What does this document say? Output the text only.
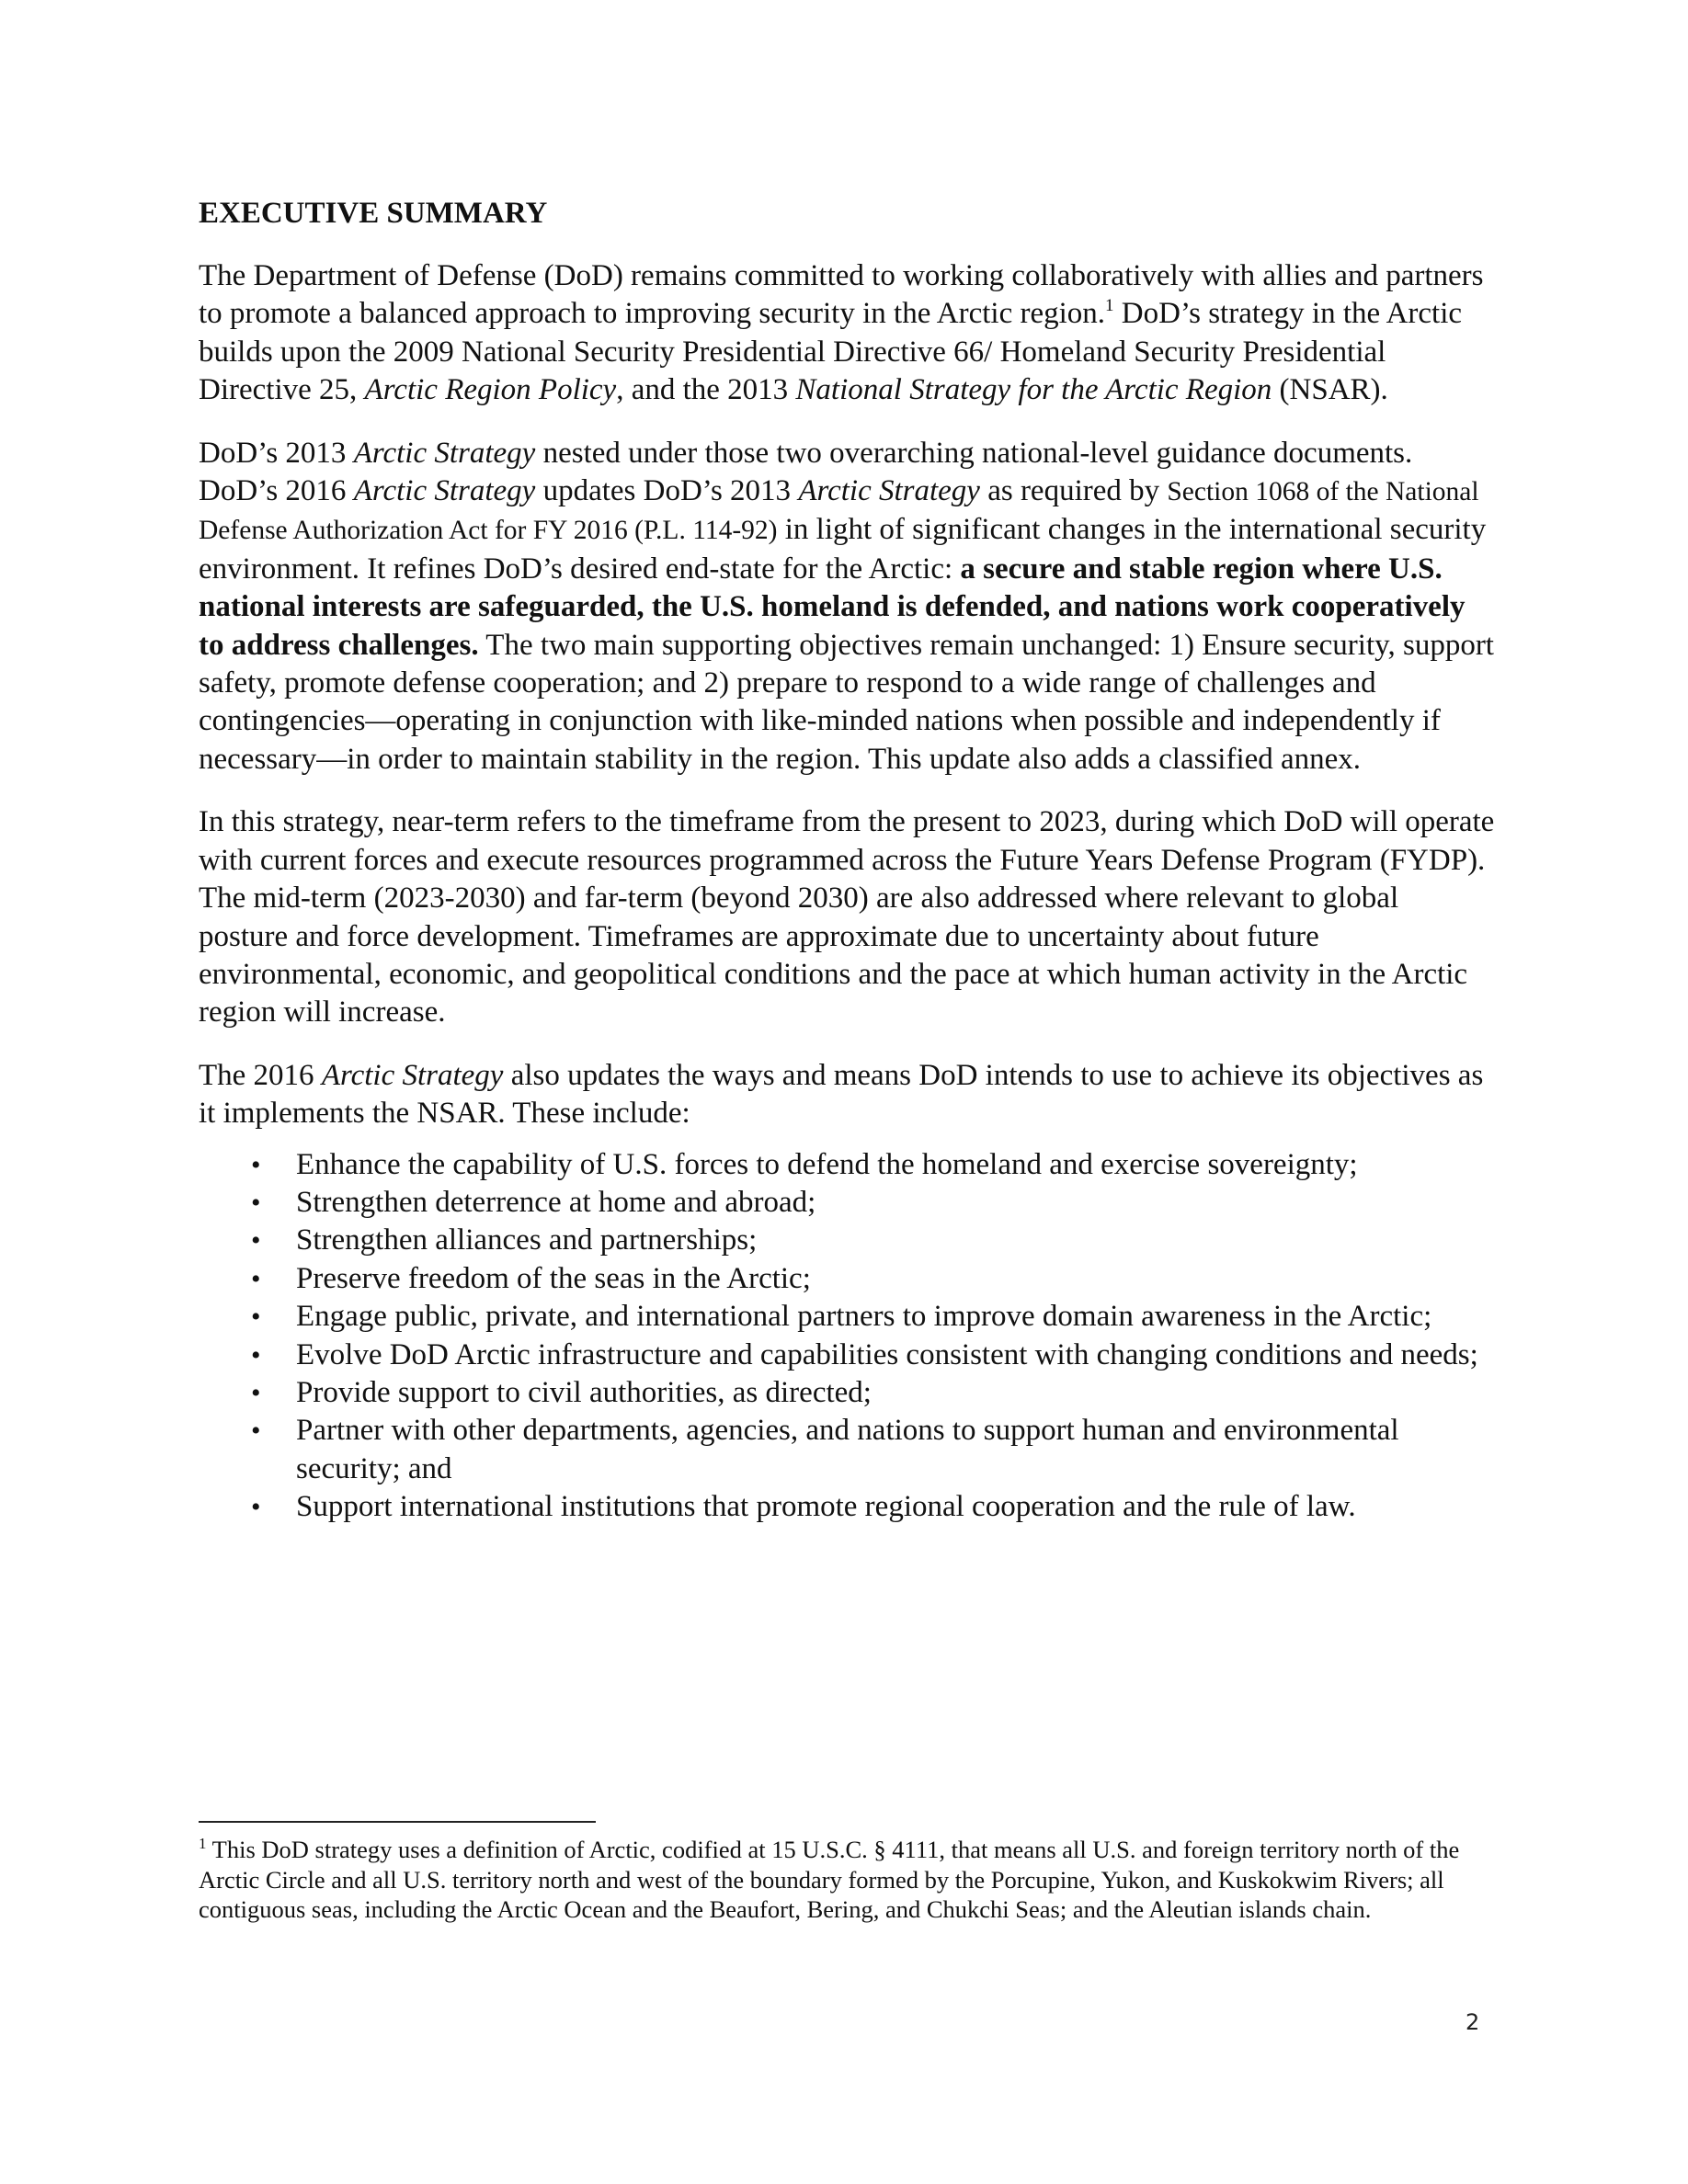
EXECUTIVE SUMMARY

The Department of Defense (DoD) remains committed to working collaboratively with allies and partners to promote a balanced approach to improving security in the Arctic region.$^1$ DoD’s strategy in the Arctic builds upon the 2009 National Security Presidential Directive 66/ Homeland Security Presidential Directive 25, Arctic Region Policy, and the 2013 National Strategy for the Arctic Region (NSAR).

DoD’s 2013 Arctic Strategy nested under those two overarching national-level guidance documents. DoD’s 2016 Arctic Strategy updates DoD’s 2013 Arctic Strategy as required by Section 1068 of the National Defense Authorization Act for FY 2016 (P.L. 114-92) in light of significant changes in the international security environment. It refines DoD’s desired end-state for the Arctic: a secure and stable region where U.S. national interests are safeguarded, the U.S. homeland is defended, and nations work cooperatively to address challenges. The two main supporting objectives remain unchanged: 1) Ensure security, support safety, promote defense cooperation; and 2) prepare to respond to a wide range of challenges and contingencies—operating in conjunction with like-minded nations when possible and independently if necessary—in order to maintain stability in the region. This update also adds a classified annex.

In this strategy, near-term refers to the timeframe from the present to 2023, during which DoD will operate with current forces and execute resources programmed across the Future Years Defense Program (FYDP). The mid-term (2023-2030) and far-term (beyond 2030) are also addressed where relevant to global posture and force development. Timeframes are approximate due to uncertainty about future environmental, economic, and geopolitical conditions and the pace at which human activity in the Arctic region will increase.

The 2016 Arctic Strategy also updates the ways and means DoD intends to use to achieve its objectives as it implements the NSAR. These include:

• Enhance the capability of U.S. forces to defend the homeland and exercise sovereignty;
• Strengthen deterrence at home and abroad;
• Strengthen alliances and partnerships;
• Preserve freedom of the seas in the Arctic;
• Engage public, private, and international partners to improve domain awareness in the Arctic;
• Evolve DoD Arctic infrastructure and capabilities consistent with changing conditions and needs;
• Provide support to civil authorities, as directed;
• Partner with other departments, agencies, and nations to support human and environmental security; and
• Support international institutions that promote regional cooperation and the rule of law.
$^1$ This DoD strategy uses a definition of Arctic, codified at 15 U.S.C. § 4111, that means all U.S. and foreign territory north of the Arctic Circle and all U.S. territory north and west of the boundary formed by the Porcupine, Yukon, and Kuskokwim Rivers; all contiguous seas, including the Arctic Ocean and the Beaufort, Bering, and Chukchi Seas; and the Aleutian islands chain.
2
